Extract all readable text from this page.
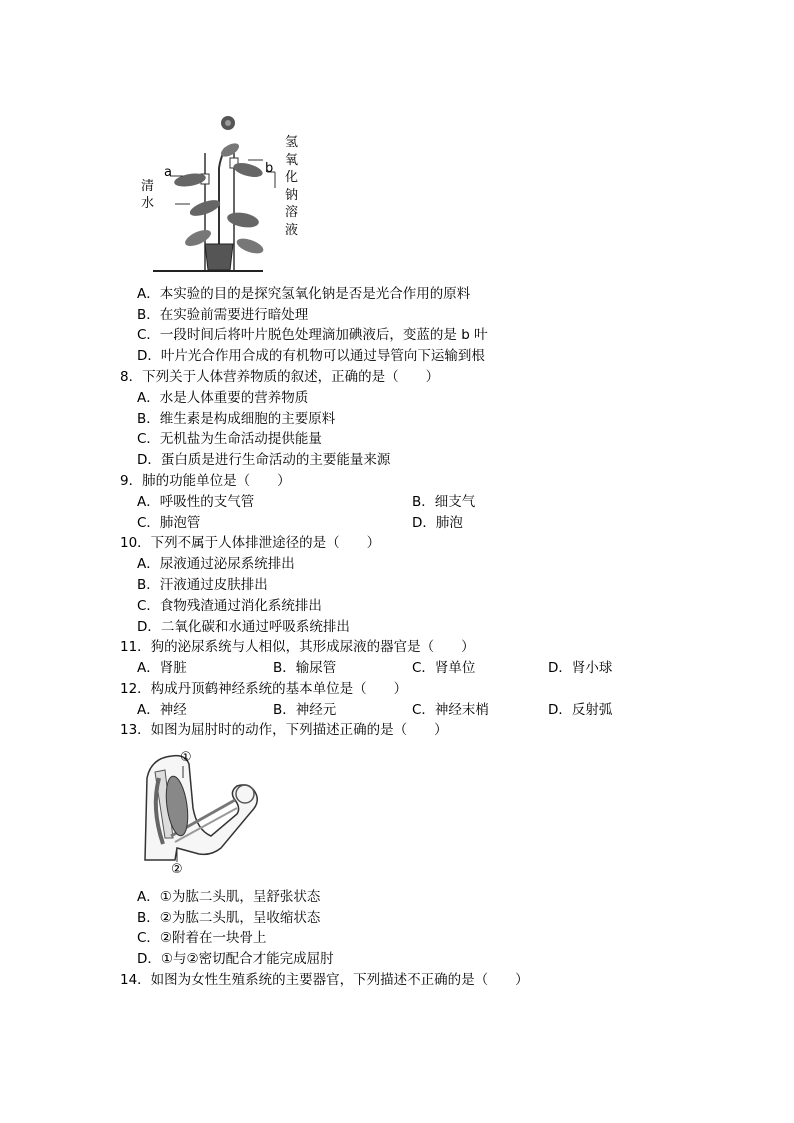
a	b
清
水
氢
氧
化
钠
溶
液
A．本实验的目的是探究氢氧化钠是否是光合作用的原料
B．在实验前需要进行暗处理
C．一段时间后将叶片脱色处理滴加碘液后，变蓝的是 b 叶
D．叶片光合作用合成的有机物可以通过导管向下运输到根
8．下列关于人体营养物质的叙述，正确的是（　　）
A．水是人体重要的营养物质
B．维生素是构成细胞的主要原料
C．无机盐为生命活动提供能量
D．蛋白质是进行生命活动的主要能量来源
9．肺的功能单位是（　　）
A．呼吸性的支气管	B．细支气
C．肺泡管	D．肺泡
10．下列不属于人体排泄途径的是（　　）
A．尿液通过泌尿系统排出
B．汗液通过皮肤排出
C．食物残渣通过消化系统排出
D．二氧化碳和水通过呼吸系统排出
11．狗的泌尿系统与人相似，其形成尿液的器官是（　　）
A．肾脏	B．输尿管	C．肾单位	D．肾小球
12．构成丹顶鹤神经系统的基本单位是（　　）
A．神经	B．神经元	C．神经末梢	D．反射弧
13．如图为屈肘时的动作，下列描述正确的是（　　）
①
②
A．①为肱二头肌，呈舒张状态
B．②为肱二头肌，呈收缩状态
C．②附着在一块骨上
D．①与②密切配合才能完成屈肘
14．如图为女性生殖系统的主要器官，下列描述不正确的是（　　）
